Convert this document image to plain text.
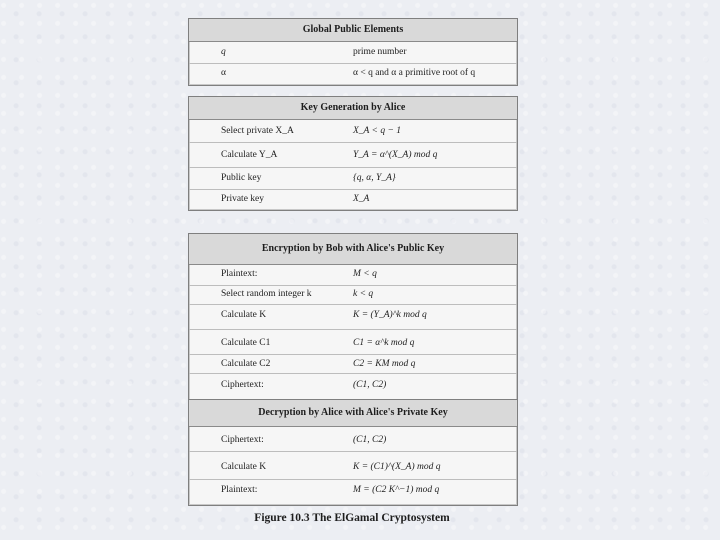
Global Public Elements
q	prime number
α	α < q and α a primitive root of q
Key Generation by Alice
Select private X_A	X_A < q − 1
Calculate Y_A	Y_A = α^(X_A) mod q
Public key	{q, α, Y_A}
Private key	X_A
Encryption by Bob with Alice's Public Key
Plaintext:	M < q
Select random integer k	k < q
Calculate K	K = (Y_A)^k mod q
Calculate C1	C1 = α^k mod q
Calculate C2	C2 = KM mod q
Ciphertext:	(C1, C2)
Decryption by Alice with Alice's Private Key
Ciphertext:	(C1, C2)
Calculate K	K = (C1)^(X_A) mod q
Plaintext:	M = (C2 K^−1) mod q
Figure 10.3 The ElGamal Cryptosystem
